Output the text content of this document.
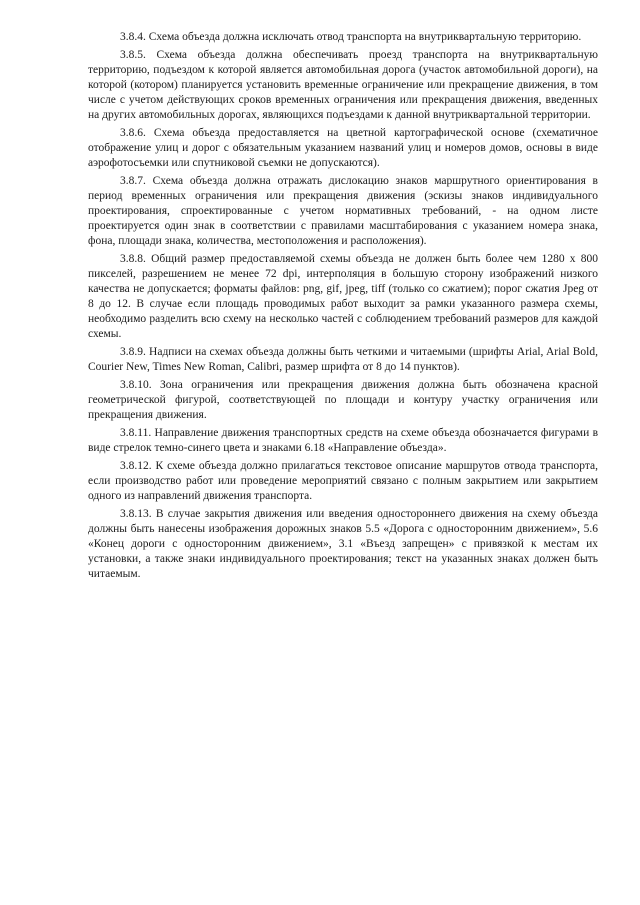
3.8.4. Схема объезда должна исключать отвод транспорта на внутриквартальную территорию.

3.8.5. Схема объезда должна обеспечивать проезд транспорта на внутриквартальную территорию, подъездом к которой является автомобильная дорога (участок автомобильной дороги), на которой (котором) планируется установить временные ограничение или прекращение движения, в том числе с учетом действующих сроков временных ограничения или прекращения движения, введенных на других автомобильных дорогах, являющихся подъездами к данной внутриквартальной территории.

3.8.6. Схема объезда предоставляется на цветной картографической основе (схематичное отображение улиц и дорог с обязательным указанием названий улиц и номеров домов, основы в виде аэрофотосъемки или спутниковой съемки не допускаются).

3.8.7. Схема объезда должна отражать дислокацию знаков маршрутного ориентирования в период временных ограничения или прекращения движения (эскизы знаков индивидуального проектирования, спроектированные с учетом нормативных требований, - на одном листе проектируется один знак в соответствии с правилами масштабирования с указанием номера знака, фона, площади знака, количества, местоположения и расположения).

3.8.8. Общий размер предоставляемой схемы объезда не должен быть более чем 1280 x 800 пикселей, разрешением не менее 72 dpi, интерполяция в большую сторону изображений низкого качества не допускается; форматы файлов: png, gif, jpeg, tiff (только со сжатием); порог сжатия Jpeg от 8 до 12. В случае если площадь проводимых работ выходит за рамки указанного размера схемы, необходимо разделить всю схему на несколько частей с соблюдением требований размеров для каждой схемы.

3.8.9. Надписи на схемах объезда должны быть четкими и читаемыми (шрифты Arial, Arial Bold, Courier New, Times New Roman, Calibri, размер шрифта от 8 до 14 пунктов).

3.8.10. Зона ограничения или прекращения движения должна быть обозначена красной геометрической фигурой, соответствующей по площади и контуру участку ограничения или прекращения движения.

3.8.11. Направление движения транспортных средств на схеме объезда обозначается фигурами в виде стрелок темно-синего цвета и знаками 6.18 «Направление объезда».

3.8.12. К схеме объезда должно прилагаться текстовое описание маршрутов отвода транспорта, если производство работ или проведение мероприятий связано с полным закрытием или закрытием одного из направлений движения транспорта.

3.8.13. В случае закрытия движения или введения одностороннего движения на схему объезда должны быть нанесены изображения дорожных знаков 5.5 «Дорога с односторонним движением», 5.6 «Конец дороги с односторонним движением», 3.1 «Въезд запрещен» с привязкой к местам их установки, а также знаки индивидуального проектирования; текст на указанных знаках должен быть читаемым.
